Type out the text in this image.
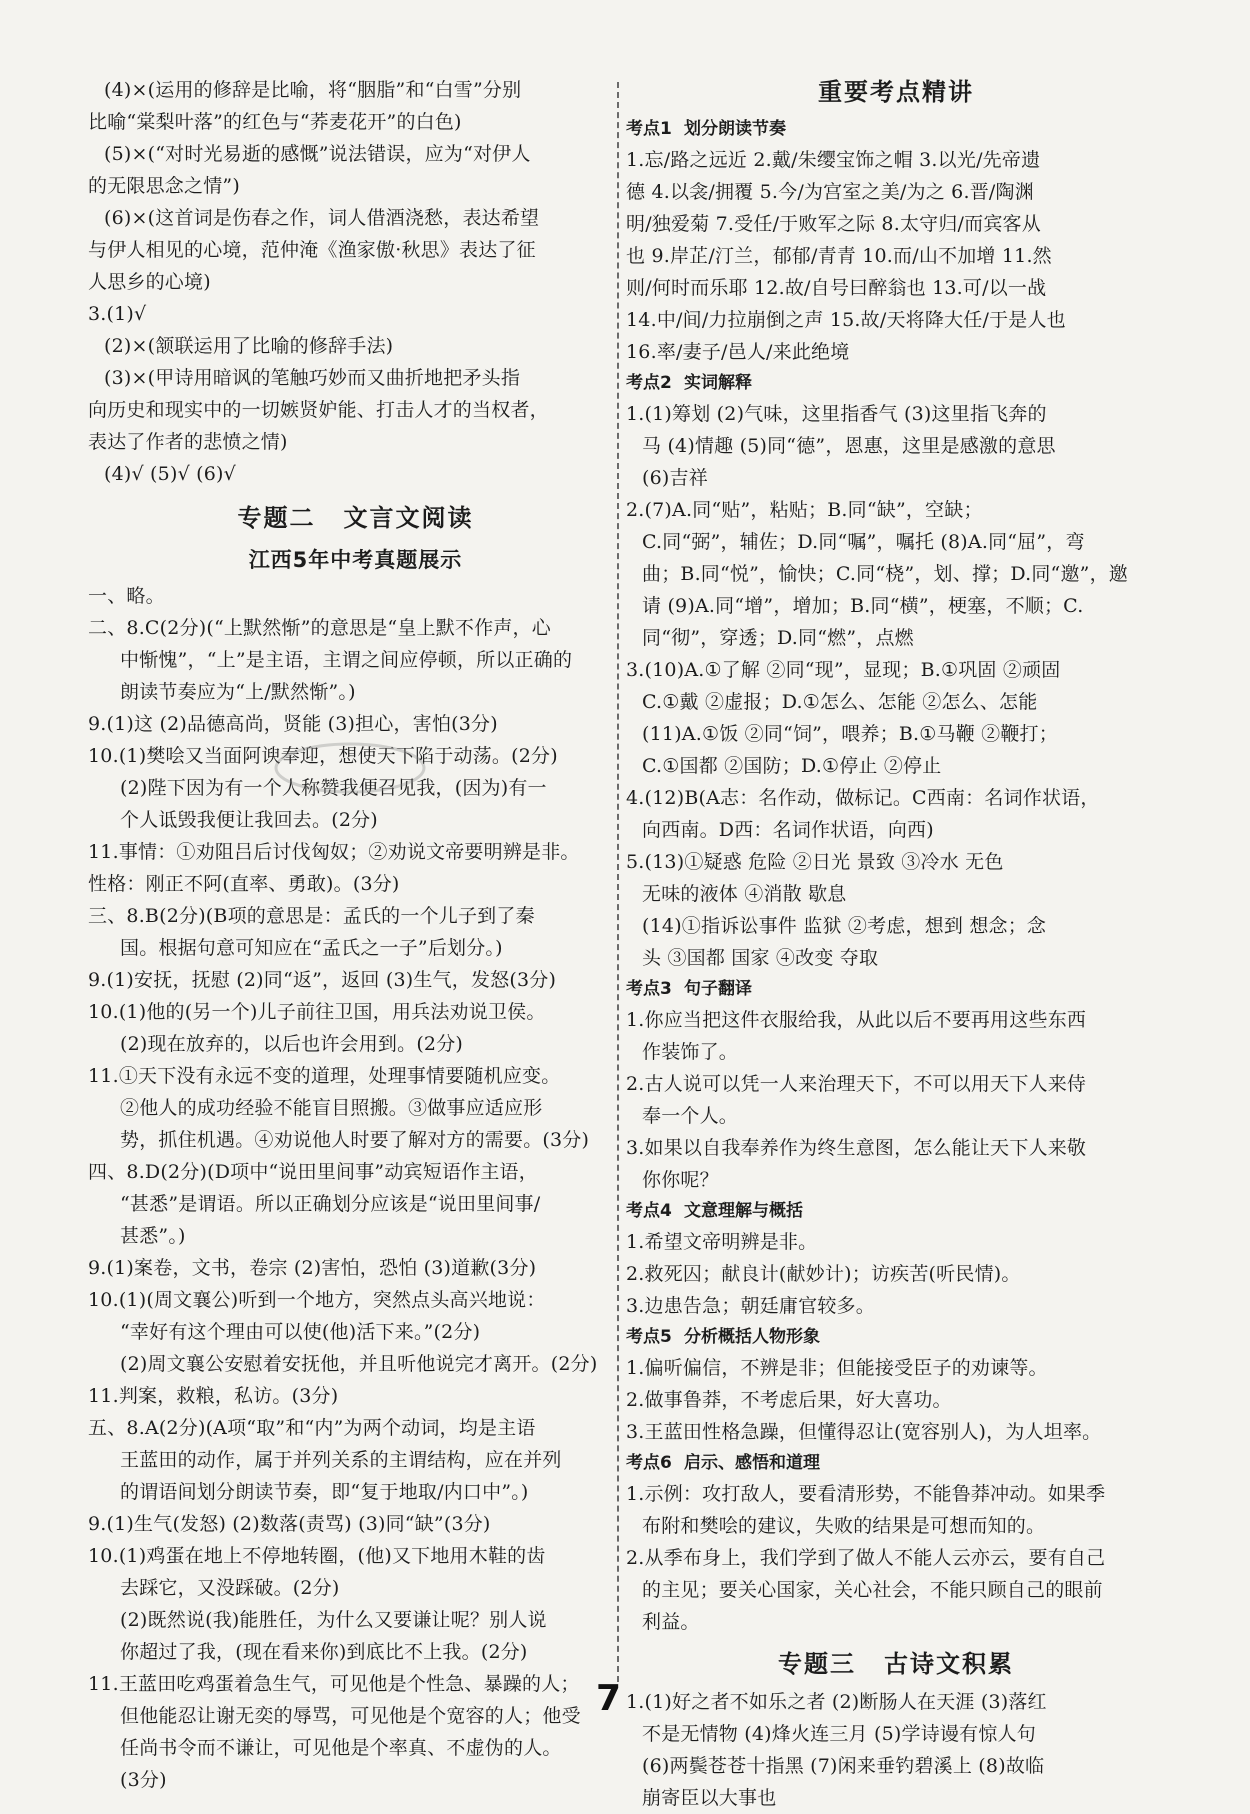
(4)×(运用的修辞是比喻，将“胭脂”和“白雪”分别
比喻“棠梨叶落”的红色与“荞麦花开”的白色)
(5)×(“对时光易逝的感慨”说法错误，应为“对伊人
的无限思念之情”)
(6)×(这首词是伤春之作，词人借酒浇愁，表达希望
与伊人相见的心境，范仲淹《渔家傲·秋思》表达了征
人思乡的心境)
3.(1)√
(2)×(颔联运用了比喻的修辞手法)
(3)×(甲诗用暗讽的笔触巧妙而又曲折地把矛头指
向历史和现实中的一切嫉贤妒能、打击人才的当权者，
表达了作者的悲愤之情)
(4)√ (5)√ (6)√
专题二 文言文阅读
江西5年中考真题展示
一、略。
二、8.C(2分)(“上默然惭”的意思是“皇上默不作声，心
中惭愧”，“上”是主语，主谓之间应停顿，所以正确的
朗读节奏应为“上/默然惭”。)
9.(1)这 (2)品德高尚，贤能 (3)担心，害怕(3分)
10.(1)樊哙又当面阿谀奉迎，想使天下陷于动荡。(2分)
(2)陛下因为有一个人称赞我便召见我，(因为)有一
个人诋毁我便让我回去。(2分)
11.事情：①劝阻吕后讨伐匈奴；②劝说文帝要明辨是非。
性格：刚正不阿(直率、勇敢)。(3分)
三、8.B(2分)(B项的意思是：孟氏的一个儿子到了秦
国。根据句意可知应在“孟氏之一子”后划分。)
9.(1)安抚，抚慰 (2)同“返”，返回 (3)生气，发怒(3分)
10.(1)他的(另一个)儿子前往卫国，用兵法劝说卫侯。
(2)现在放弃的，以后也许会用到。(2分)
11.①天下没有永远不变的道理，处理事情要随机应变。
②他人的成功经验不能盲目照搬。③做事应适应形
势，抓住机遇。④劝说他人时要了解对方的需要。(3分)
四、8.D(2分)(D项中“说田里间事”动宾短语作主语，
“甚悉”是谓语。所以正确划分应该是“说田里间事/
甚悉”。)
9.(1)案卷，文书，卷宗 (2)害怕，恐怕 (3)道歉(3分)
10.(1)(周文襄公)听到一个地方，突然点头高兴地说：
“幸好有这个理由可以使(他)活下来。”(2分)
(2)周文襄公安慰着安抚他，并且听他说完才离开。(2分)
11.判案，救粮，私访。(3分)
五、8.A(2分)(A项“取”和“内”为两个动词，均是主语
王蓝田的动作，属于并列关系的主谓结构，应在并列
的谓语间划分朗读节奏，即“复于地取/内口中”。)
9.(1)生气(发怒) (2)数落(责骂) (3)同“缺”(3分)
10.(1)鸡蛋在地上不停地转圈，(他)又下地用木鞋的齿
去踩它，又没踩破。(2分)
(2)既然说(我)能胜任，为什么又要谦让呢？别人说
你超过了我，(现在看来你)到底比不上我。(2分)
11.王蓝田吃鸡蛋着急生气，可见他是个性急、暴躁的人；
但他能忍让谢无奕的辱骂，可见他是个宽容的人；他受
任尚书令而不谦让，可见他是个率真、不虚伪的人。
(3分)
重要考点精讲
考点1 划分朗读节奏
1.忘/路之远近 2.戴/朱缨宝饰之帽 3.以光/先帝遗
德 4.以衾/拥覆 5.今/为宫室之美/为之 6.晋/陶渊
明/独爱菊 7.受任/于败军之际 8.太守归/而宾客从
也 9.岸芷/汀兰，郁郁/青青 10.而/山不加增 11.然
则/何时而乐耶 12.故/自号曰醉翁也 13.可/以一战
14.中/间/力拉崩倒之声 15.故/天将降大任/于是人也
16.率/妻子/邑人/来此绝境
考点2 实词解释
1.(1)筹划 (2)气味，这里指香气 (3)这里指飞奔的
马 (4)情趣 (5)同“德”，恩惠，这里是感激的意思
(6)吉祥
2.(7)A.同“贴”，粘贴；B.同“缺”，空缺；
C.同“弼”，辅佐；D.同“嘱”，嘱托 (8)A.同“屈”，弯
曲；B.同“悦”，愉快；C.同“桡”，划、撑；D.同“邀”，邀
请 (9)A.同“增”，增加；B.同“横”，梗塞，不顺；C.
同“彻”，穿透；D.同“燃”，点燃
3.(10)A.①了解 ②同“现”，显现；B.①巩固 ②顽固
C.①戴 ②虚报；D.①怎么、怎能 ②怎么、怎能
(11)A.①饭 ②同“饲”，喂养；B.①马鞭 ②鞭打；
C.①国都 ②国防；D.①停止 ②停止
4.(12)B(A志：名作动，做标记。C西南：名词作状语，
向西南。D西：名词作状语，向西)
5.(13)①疑惑 危险 ②日光 景致 ③冷水 无色
无味的液体 ④消散 歇息
(14)①指诉讼事件 监狱 ②考虑，想到 想念；念
头 ③国都 国家 ④改变 夺取
考点3 句子翻译
1.你应当把这件衣服给我，从此以后不要再用这些东西
作装饰了。
2.古人说可以凭一人来治理天下，不可以用天下人来侍
奉一个人。
3.如果以自我奉养作为终生意图，怎么能让天下人来敬
你你呢？
考点4 文意理解与概括
1.希望文帝明辨是非。
2.救死囚；献良计(献妙计)；访疾苦(听民情)。
3.边患告急；朝廷庸官较多。
考点5 分析概括人物形象
1.偏听偏信，不辨是非；但能接受臣子的劝谏等。
2.做事鲁莽，不考虑后果，好大喜功。
3.王蓝田性格急躁，但懂得忍让(宽容别人)，为人坦率。
考点6 启示、感悟和道理
1.示例：攻打敌人，要看清形势，不能鲁莽冲动。如果季
布附和樊哙的建议，失败的结果是可想而知的。
2.从季布身上，我们学到了做人不能人云亦云，要有自己
的主见；要关心国家，关心社会，不能只顾自己的眼前
利益。
专题三 古诗文积累
1.(1)好之者不如乐之者 (2)断肠人在天涯 (3)落红
不是无情物 (4)烽火连三月 (5)学诗谩有惊人句
(6)两鬓苍苍十指黑 (7)闲来垂钓碧溪上 (8)故临
崩寄臣以大事也
7
